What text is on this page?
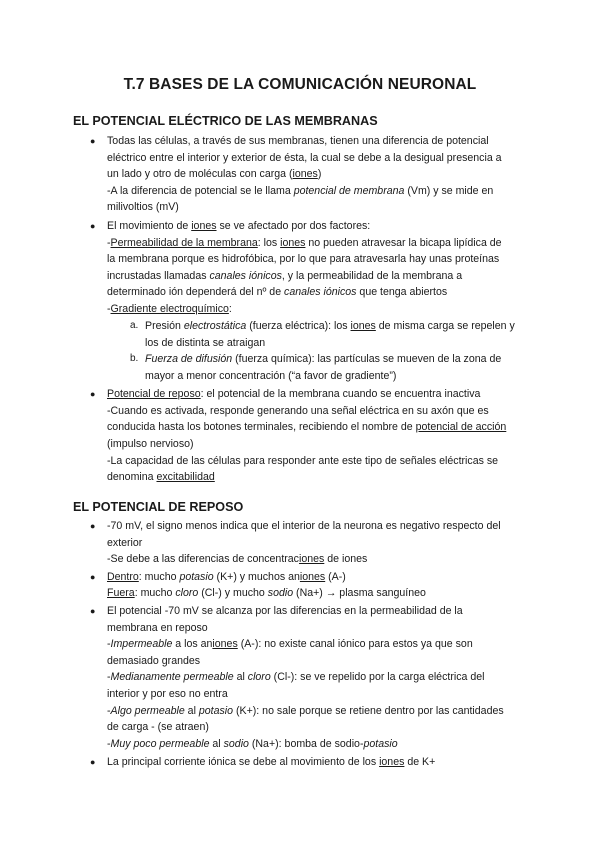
T.7 BASES DE LA COMUNICACIÓN NEURONAL
EL POTENCIAL ELÉCTRICO DE LAS MEMBRANAS
● Todas las células, a través de sus membranas, tienen una diferencia de potencial

eléctrico entre el interior y exterior de ésta, la cual se debe a la desigual presencia a

un lado y otro de moléculas con carga (iones)

-A la diferencia de potencial se le llama potencial de membrana (Vm) y se mide en

milivoltios (mV)

● El movimiento de iones se ve afectado por dos factores:

-Permeabilidad de la membrana: los iones no pueden atravesar la bicapa lipídica de

la membrana porque es hidrofóbica, por lo que para atravesarla hay unas proteínas

incrustadas llamadas canales iónicos, y la permeabilidad de la membrana a

determinado ión dependerá del nº de canales iónicos que tenga abiertos

-Gradiente electroquímico:

a. Presión electrostática (fuerza eléctrica): los iones de misma carga se repelen y

los de distinta se atraigan

b. Fuerza de difusión (fuerza química): las partículas se mueven de la zona de

mayor a menor concentración (“a favor de gradiente”)

● Potencial de reposo: el potencial de la membrana cuando se encuentra inactiva

-Cuando es activada, responde generando una señal eléctrica en su axón que es

conducida hasta los botones terminales, recibiendo el nombre de potencial de acción

(impulso nervioso)

-La capacidad de las células para responder ante este tipo de señales eléctricas se

denomina excitabilidad

EL POTENCIAL DE REPOSO
● -70 mV, el signo menos indica que el interior de la neurona es negativo respecto del

exterior

-Se debe a las diferencias de concentraciones de iones

● Dentro: mucho potasio (K+) y muchos aniones (A-)

Fuera: mucho cloro (Cl-) y mucho sodio (Na+) → plasma sanguíneo

● El potencial -70 mV se alcanza por las diferencias en la permeabilidad de la

membrana en reposo

-Impermeable a los aniones (A-): no existe canal iónico para estos ya que son

demasiado grandes

-Medianamente permeable al cloro (Cl-): se ve repelido por la carga eléctrica del

interior y por eso no entra

-Algo permeable al potasio (K+): no sale porque se retiene dentro por las cantidades

de carga - (se atraen)

-Muy poco permeable al sodio (Na+): bomba de sodio-potasio

● La principal corriente iónica se debe al movimiento de los iones de K+
